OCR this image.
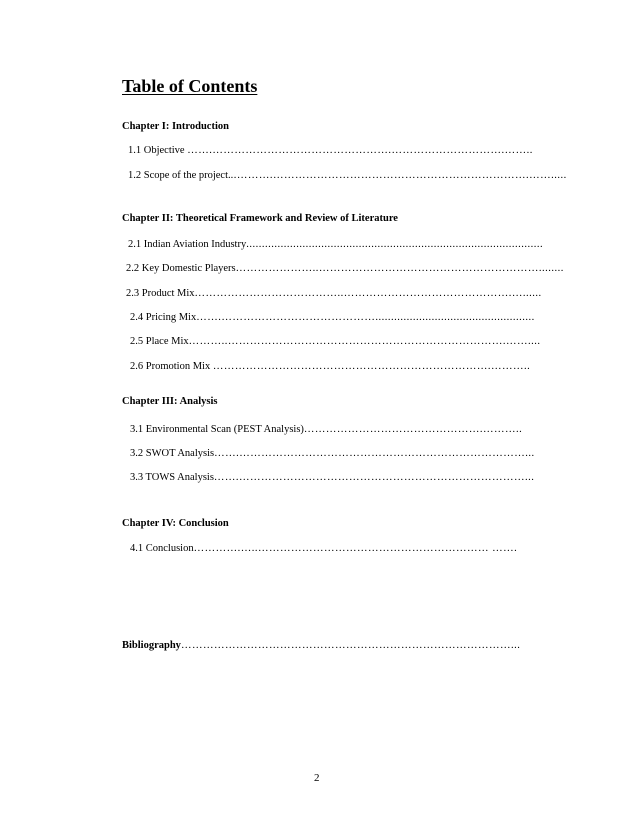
Table of Contents
Chapter I: Introduction
1.1 Objective …….………………………………………….………………………….……..
1.2 Scope of the project...……….…………………………………………………………….…….....
Chapter II: Theoretical Framework and Review of Literature
2.1 Indian Aviation Industry...............................................................................................
2.2 Key Domestic Players…………………..……………………………………………………........
2.3 Product Mix…………………………………..……………………………………….…......
2.4 Pricing Mix…….……………………………………...................................................
2.5 Place Mix………..………………………………………………………………….……....
2.6 Promotion Mix ………………………………………………………………….………..
Chapter III: Analysis
3.1 Environmental Scan (PEST Analysis)………………………………………….………..
3.2 SWOT Analysis…….……………………………………………………………………...
3.3 TOWS Analysis…….……………………………………………………………………...
Chapter IV: Conclusion
4.1 Conclusion………….…..……………………………………………………… …….
Bibliography………………………………………………………………………………...
2
